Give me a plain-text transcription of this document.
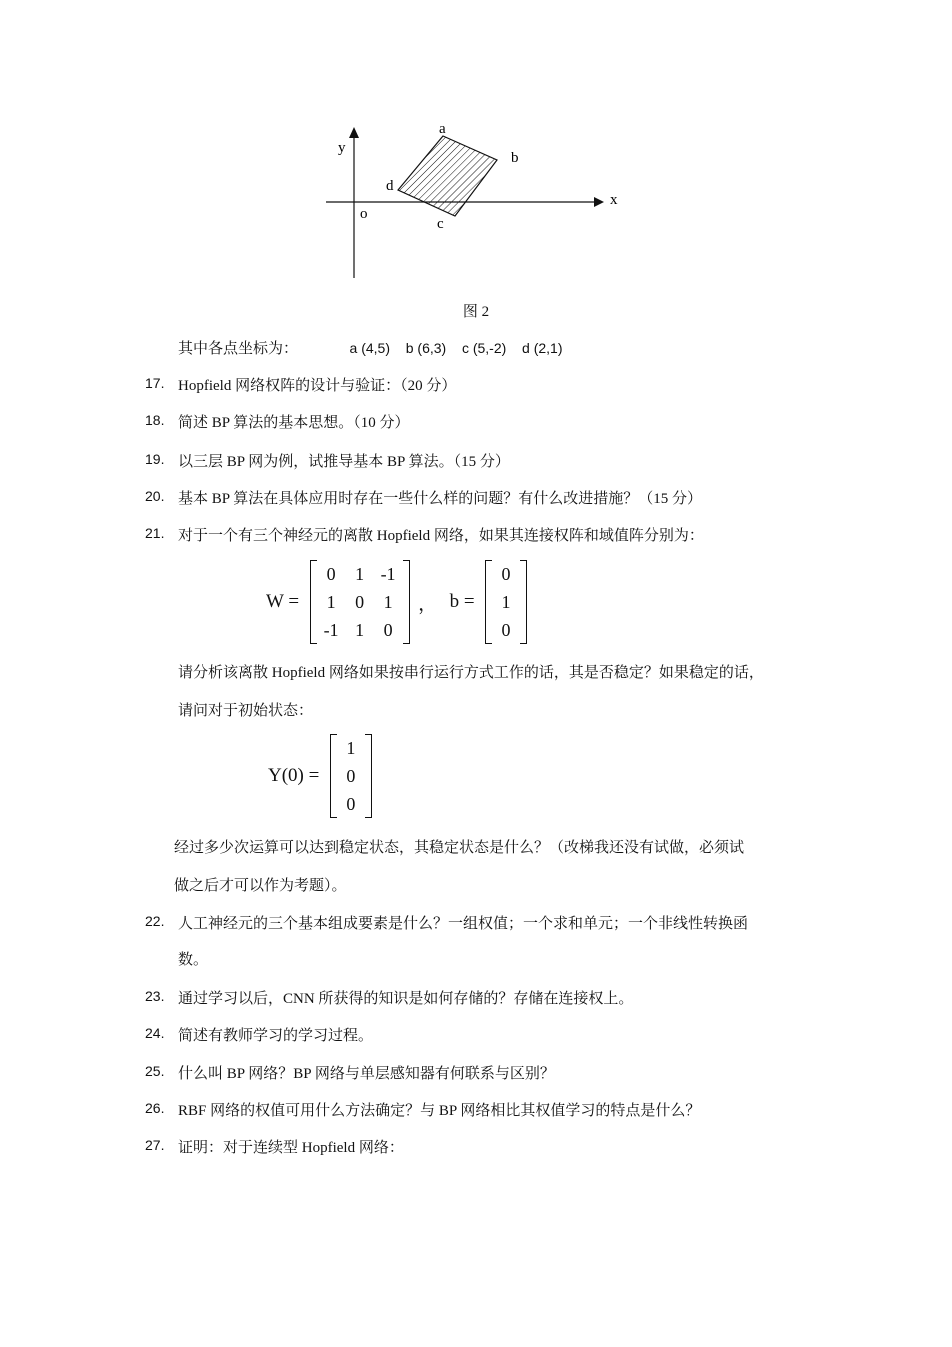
y
a
b
d
o
c
x
图 2
其中各点坐标为：	a (4,5) b (6,3) c (5,-2) d (2,1)
17. Hopfield 网络权阵的设计与验证：（20 分）
18. 简述 BP 算法的基本思想。（10 分）
19. 以三层 BP 网为例，试推导基本 BP 算法。（15 分）
20. 基本 BP 算法在具体应用时存在一些什么样的问题？有什么改进措施？（15 分）
21. 对于一个有三个神经元的离散 Hopfield 网络，如果其连接权阵和域值阵分别为：
W =
0	1	-1
1	0	1
-1	1	0
， b =
0
1
0
请分析该离散 Hopfield 网络如果按串行运行方式工作的话，其是否稳定？如果稳定的话，
请问对于初始状态：
Y(0) =
1
0
0
经过多少次运算可以达到稳定状态，其稳定状态是什么？（改梯我还没有试做，必须试
做之后才可以作为考题）。
22. 人工神经元的三个基本组成要素是什么？一组权值；一个求和单元；一个非线性转换函
数。
23. 通过学习以后，CNN 所获得的知识是如何存储的？存储在连接权上。
24. 简述有教师学习的学习过程。
25. 什么叫 BP 网络？BP 网络与单层感知器有何联系与区别？
26. RBF 网络的权值可用什么方法确定？与 BP 网络相比其权值学习的特点是什么？
27. 证明：对于连续型 Hopfield 网络：
